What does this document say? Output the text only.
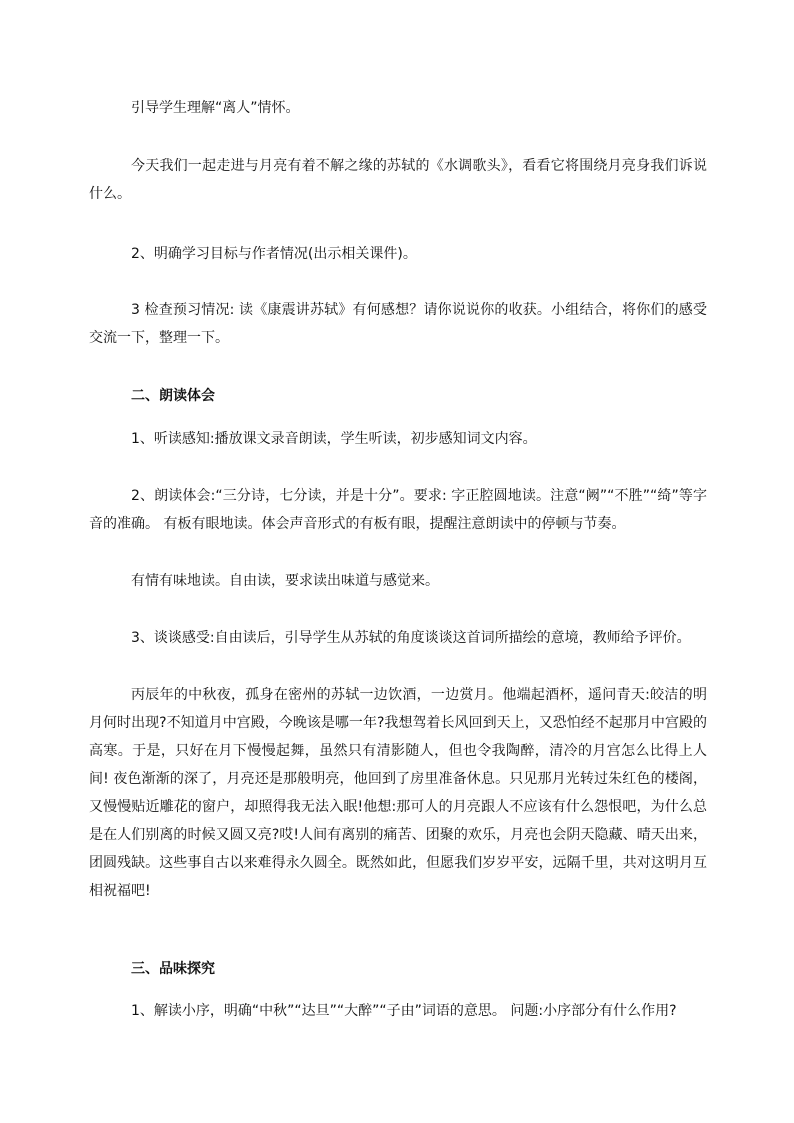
引导学生理解“离人”情怀。

今天我们一起走进与月亮有着不解之缘的苏轼的《水调歌头》，看看它将围绕月亮身我们诉说什么。

2、明确学习目标与作者情况(出示相关课件)。

3 检查预习情况: 读《康震讲苏轼》有何感想？请你说说你的收获。小组结合，将你们的感受交流一下，整理一下。

二、朗读体会

1、听读感知:播放课文录音朗读，学生听读，初步感知词文内容。

2、朗读体会:“三分诗，七分读，并是十分”。要求: 字正腔圆地读。注意“阙”“不胜”“绮”等字音的准确。 有板有眼地读。体会声音形式的有板有眼，提醒注意朗读中的停顿与节奏。

有情有味地读。自由读，要求读出味道与感觉来。

3、谈谈感受:自由读后，引导学生从苏轼的角度谈谈这首词所描绘的意境，教师给予评价。

丙辰年的中秋夜，孤身在密州的苏轼一边饮酒，一边赏月。他端起酒杯，遥问青天:皎洁的明月何时出现?不知道月中宫殿，今晚该是哪一年?我想驾着长风回到天上，又恐怕经不起那月中宫殿的高寒。于是，只好在月下慢慢起舞，虽然只有清影随人，但也令我陶醉，清冷的月宫怎么比得上人间! 夜色渐渐的深了，月亮还是那般明亮，他回到了房里准备休息。只见那月光转过朱红色的楼阁，又慢慢贴近雕花的窗户，却照得我无法入眠!他想:那可人的月亮跟人不应该有什么怨恨吧，为什么总是在人们别离的时候又圆又亮?哎!人间有离别的痛苦、团聚的欢乐，月亮也会阴天隐藏、晴天出来，团圆残缺。这些事自古以来难得永久圆全。既然如此，但愿我们岁岁平安，远隔千里，共对这明月互相祝福吧!

三、品味探究

1、解读小序，明确“中秋”“达旦”“大醉”“子由”词语的意思。 问题:小序部分有什么作用?
